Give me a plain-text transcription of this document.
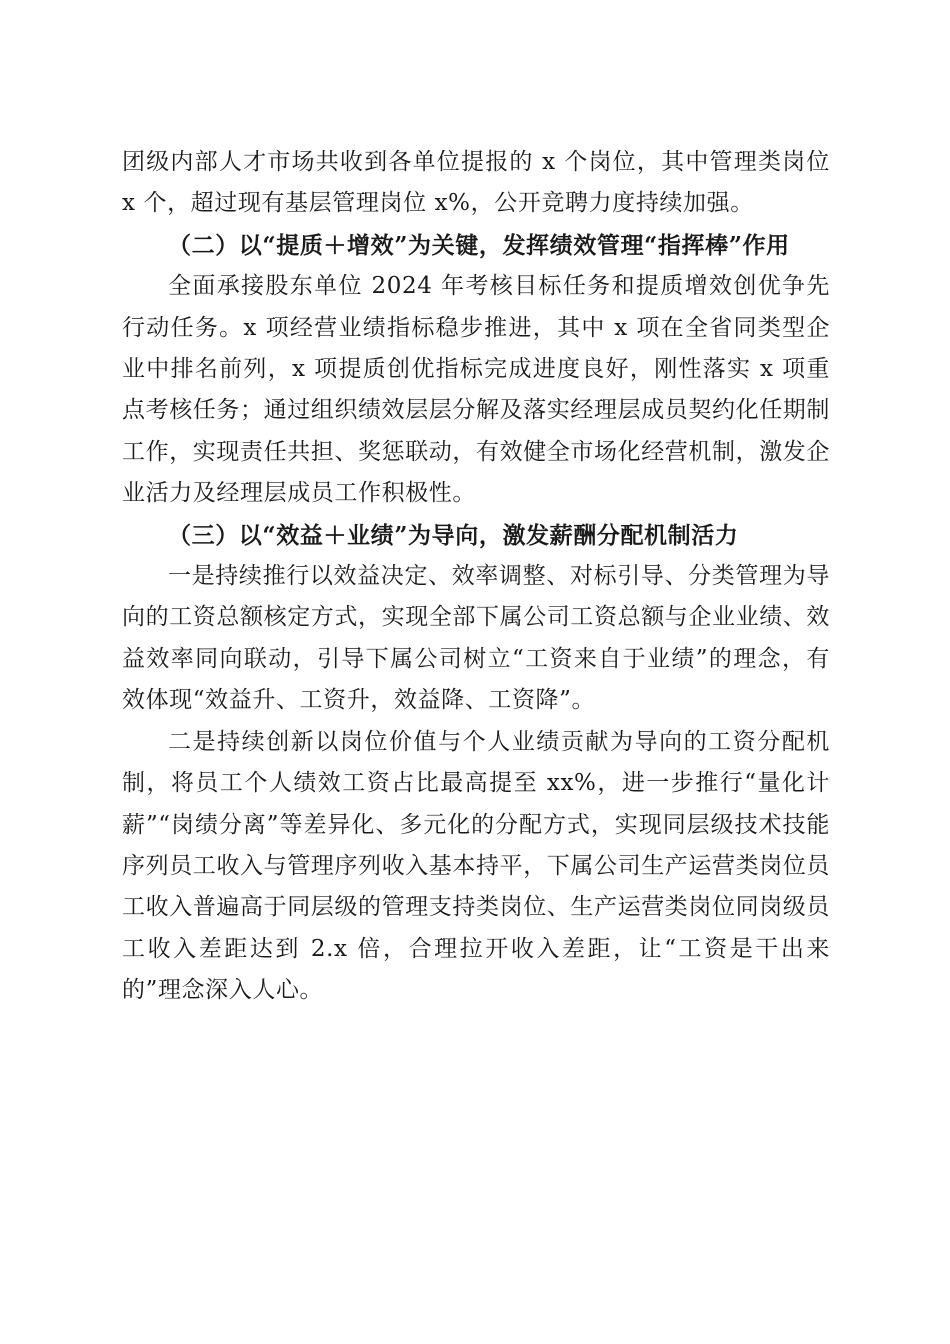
团级内部人才市场共收到各单位提报的 x 个岗位，其中管理类岗位 x 个，超过现有基层管理岗位 x%，公开竞聘力度持续加强。

（二）以“提质＋增效”为关键，发挥绩效管理“指挥棒”作用

全面承接股东单位 2024 年考核目标任务和提质增效创优争先行动任务。x 项经营业绩指标稳步推进，其中 x 项在全省同类型企业中排名前列，x 项提质创优指标完成进度良好，刚性落实 x 项重点考核任务；通过组织绩效层层分解及落实经理层成员契约化任期制工作，实现责任共担、奖惩联动，有效健全市场化经营机制，激发企业活力及经理层成员工作积极性。

（三）以“效益＋业绩”为导向，激发薪酬分配机制活力

一是持续推行以效益决定、效率调整、对标引导、分类管理为导向的工资总额核定方式，实现全部下属公司工资总额与企业业绩、效益效率同向联动，引导下属公司树立“工资来自于业绩”的理念，有效体现“效益升、工资升，效益降、工资降”。

二是持续创新以岗位价值与个人业绩贡献为导向的工资分配机制，将员工个人绩效工资占比最高提至 xx%，进一步推行“量化计薪”“岗绩分离”等差异化、多元化的分配方式，实现同层级技术技能序列员工收入与管理序列收入基本持平，下属公司生产运营类岗位员工收入普遍高于同层级的管理支持类岗位、生产运营类岗位同岗级员工收入差距达到 2.x 倍，合理拉开收入差距，让“工资是干出来的”理念深入人心。
